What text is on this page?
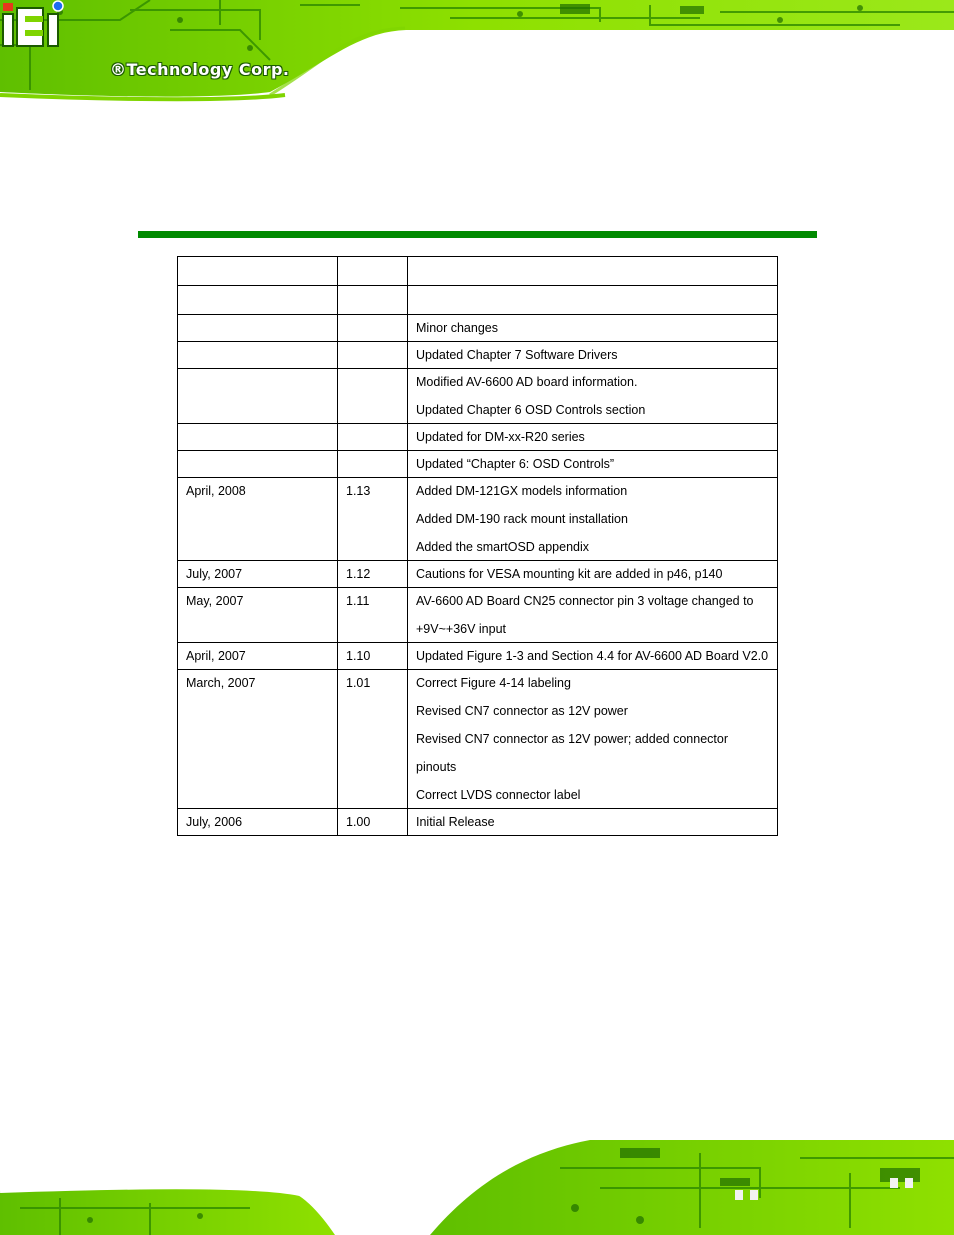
®Technology Corp.

		Minor changes

		Updated Chapter 7 Software Drivers

		Modified AV-6600 AD board information.
Updated Chapter 6 OSD Controls section

		Updated for DM-xx-R20 series

		Updated “Chapter 6: OSD Controls”

April, 2008	1.13	Added DM-121GX models information
Added DM-190 rack mount installation
Added the smartOSD appendix

July, 2007	1.12	Cautions for VESA mounting kit are added in p46, p140

May, 2007	1.11	AV-6600 AD Board CN25 connector pin 3 voltage changed to
+9V~+36V input

April, 2007	1.10	Updated Figure 1-3 and Section 4.4 for AV-6600 AD Board V2.0

March, 2007	1.01	Correct Figure 4-14 labeling
Revised CN7 connector as 12V power
Revised CN7 connector as 12V power; added connector pinouts
Correct LVDS connector label

July, 2006	1.00	Initial Release
